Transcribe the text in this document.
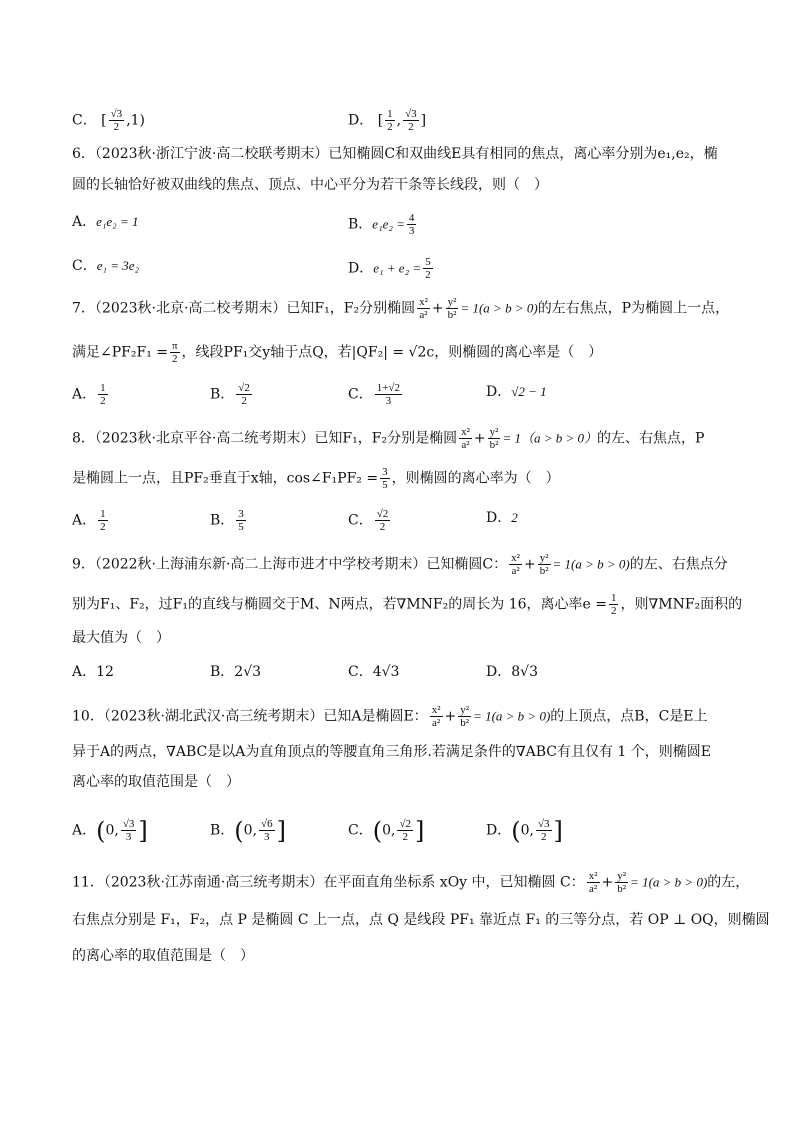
C． [ $\frac{√3}{2} ,1$)	D． [ $\frac{1}{2}$ , $\frac{√3}{2}$ ]
6．（2023秋·浙江宁波·高二校联考期末）已知椭圆C和双曲线E具有相同的焦点，离心率分别为e₁,e₂，椭
圆的长轴恰好被双曲线的焦点、顶点、中心平分为若干条等长线段，则（　）
A．e₁e₂ = 1	B．$e_1e_2 = \frac{4}{3}$
C．e₁ = 3e₂	D．$e_1 + e_2 = \frac{5}{2}$
7．（2023秋·北京·高二校考期末）已知F₁，F₂分别椭圆 $\frac{\text{x²}}{\text{a²}} + \frac{\text{y²}}{\text{b²}} = 1(a > b > 0)$的左右焦点，P为椭圆上一点，
满足∠PF₂F₁ = $\frac{\pi}{2}$ ，线段PF₁交y轴于点Q，若|QF₂| = √2c，则椭圆的离心率是（　）
A． $\frac{1}{2}$	B． $\frac{√2}{2}$	C． $\frac{1+√2}{3}$	D．√2 − 1
8．（2023秋·北京平谷·高二统考期末）已知F₁，F₂分别是椭圆 $\frac{\text{x²}}{\text{a²}} + \frac{\text{y²}}{\text{b²}} = 1(a > b > 0)$的左、右焦点，P
是椭圆上一点，且PF₂垂直于x轴，cos∠F₁PF₂ = $\frac{3}{5}$ ，则椭圆的离心率为（　）
A． $\frac{1}{2}$	B． $\frac{3}{5}$	C． $\frac{√2}{2}$	D．2
9．（2022秋·上海浦东新·高二上海市进才中学校考期末）已知椭圆C： $\frac{\text{x²}}{\text{a²}} + \frac{\text{y²}}{\text{b²}} = 1(a > b > 0)$的左、右焦点分
别为F₁、F₂，过F₁的直线与椭圆交于M、N两点，若∇MNF₂的周长为 16，离心率$e = \frac{1}{2}$ ，则∇MNF₂面积的
最大值为（　）
A．12	B．2√3	C．4√3	D．8√3
10．（2023秋·湖北武汉·高三统考期末）已知A是椭圆E： $\frac{\text{x²}}{\text{a²}} + \frac{\text{y²}}{\text{b²}} = 1(a > b > 0)$的上顶点，点B，C是E上
异于A的两点，∇ABC是以A为直角顶点的等腰直角三角形.若满足条件的∇ABC有且仅有 1 个，则椭圆E
离心率的取值范围是（　）
A．(0, $\frac{√3}{3}$ ]	B．(0, $\frac{√6}{3}$ ]	C．(0, $\frac{√2}{2}$ ]	D．(0, $\frac{√3}{2}$ ]
11．（2023秋·江苏南通·高三统考期末）在平面直角坐标系 xOy 中，已知椭圆 C： $\frac{\text{x²}}{\text{a²}} + \frac{\text{y²}}{\text{b²}} = 1(a > b > 0)$的左，
右焦点分别是 F₁，F₂，点 P 是椭圆 C 上一点，点 Q 是线段 PF₁ 靠近点 F₁ 的三等分点，若 OP ⊥ OQ，则椭圆
的离心率的取值范围是（　）
